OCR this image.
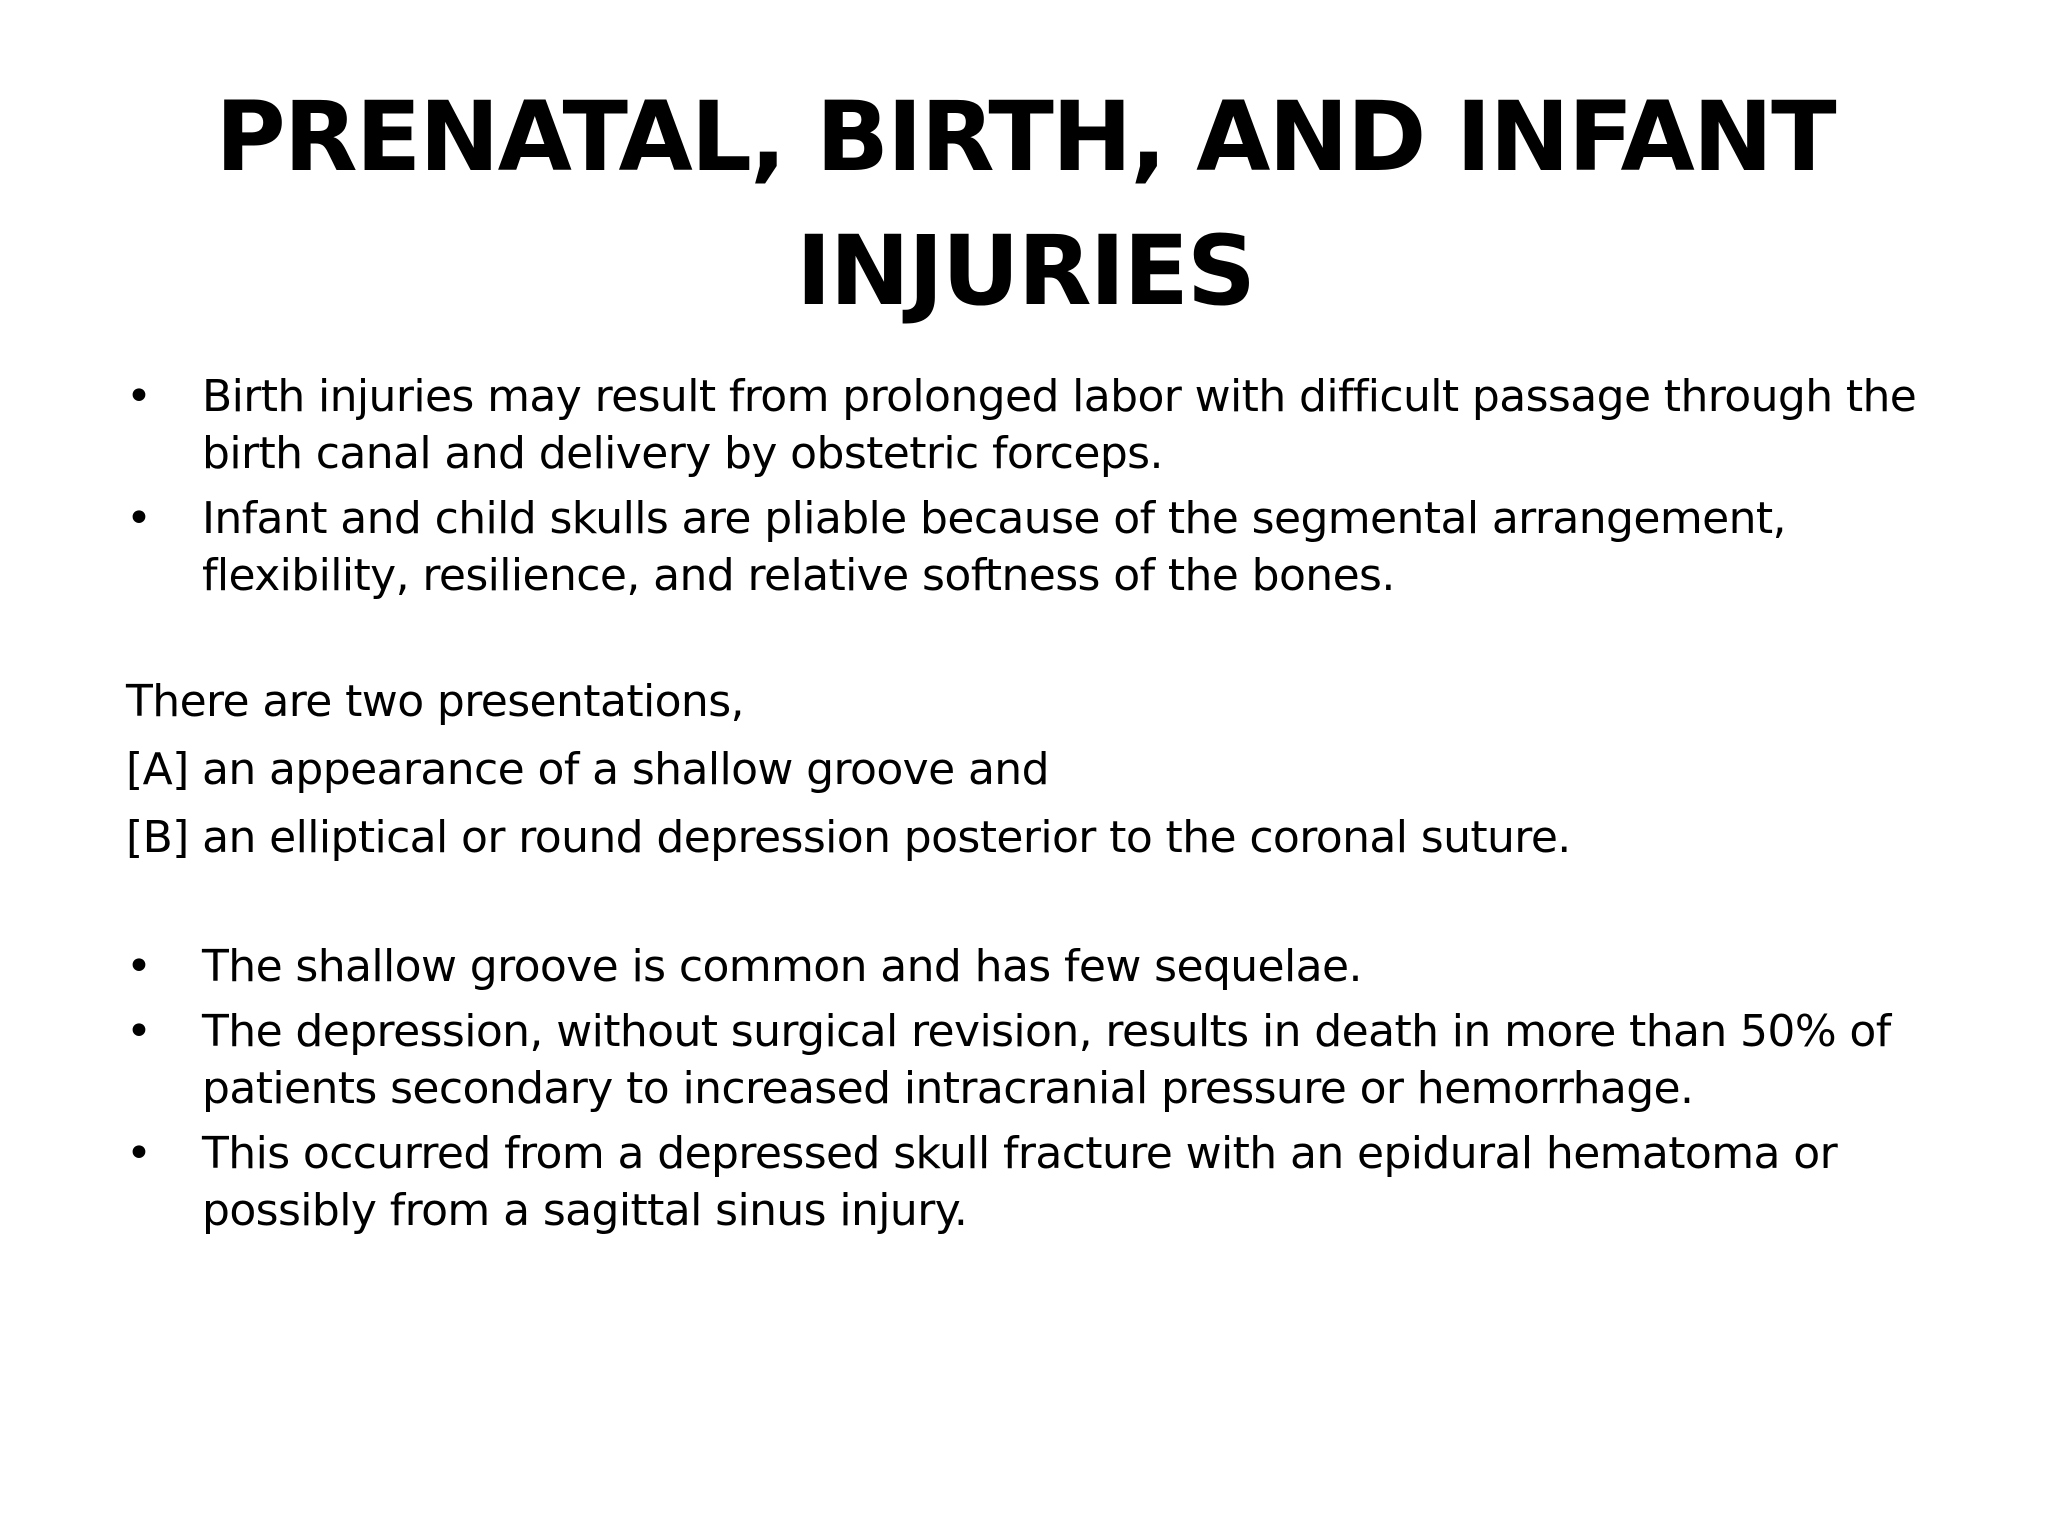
PRENATAL, BIRTH, AND INFANT INJURIES
• Birth injuries may result from prolonged labor with difficult passage through the birth canal and delivery by obstetric forceps.
• Infant and child skulls are pliable because of the segmental arrangement, flexibility, resilience, and relative softness of the bones.

There are two presentations,

[A] an appearance of a shallow groove and

[B] an elliptical or round depression posterior to the coronal suture.

• The shallow groove is common and has few sequelae.
• The depression, without surgical revision, results in death in more than 50% of patients secondary to increased intracranial pressure or hemorrhage.
• This occurred from a depressed skull fracture with an epidural hematoma or possibly from a sagittal sinus injury.
